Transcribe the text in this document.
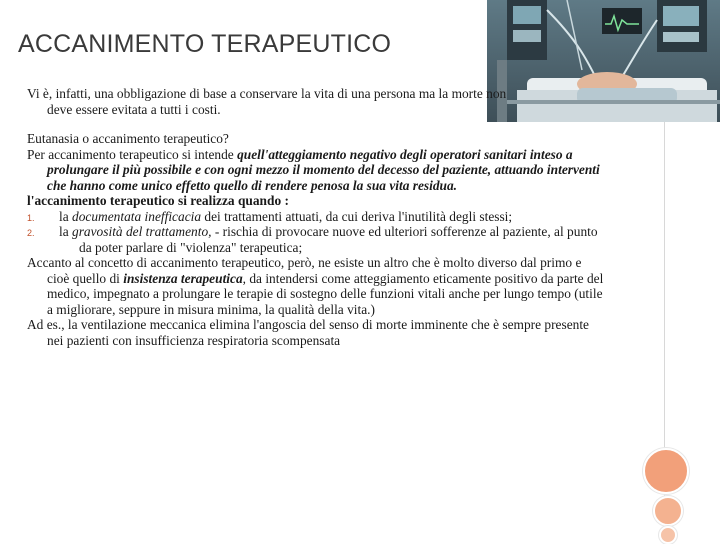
ACCANIMENTO TERAPEUTICO

Vi è, infatti, una obbligazione di base a conservare la vita di una persona ma la morte non deve essere evitata a tutti i costi.

Eutanasia o accanimento terapeutico?

Per accanimento terapeutico si intende quell'atteggiamento negativo degli operatori sanitari inteso a prolungare il più possibile e con ogni mezzo il momento del decesso del paziente, attuando interventi che hanno come unico effetto quello di rendere penosa la sua vita residua.

l'accanimento terapeutico si realizza quando :

1. la documentata inefficacia dei trattamenti attuati, da cui deriva l'inutilità degli stessi;

2. la gravosità del trattamento, - rischia di provocare nuove ed ulteriori sofferenze al paziente, al punto da poter parlare di "violenza" terapeutica;

Accanto al concetto di accanimento terapeutico, però, ne esiste un altro che è molto diverso dal primo e cioè quello di insistenza terapeutica, da intendersi come atteggiamento eticamente positivo da parte del medico, impegnato a prolungare le terapie di sostegno delle funzioni vitali anche per lungo tempo (utile a migliorare, seppure in misura minima, la qualità della vita.)

Ad es., la ventilazione meccanica elimina l'angoscia del senso di morte imminente che è sempre presente nei pazienti con insufficienza respiratoria scompensata
